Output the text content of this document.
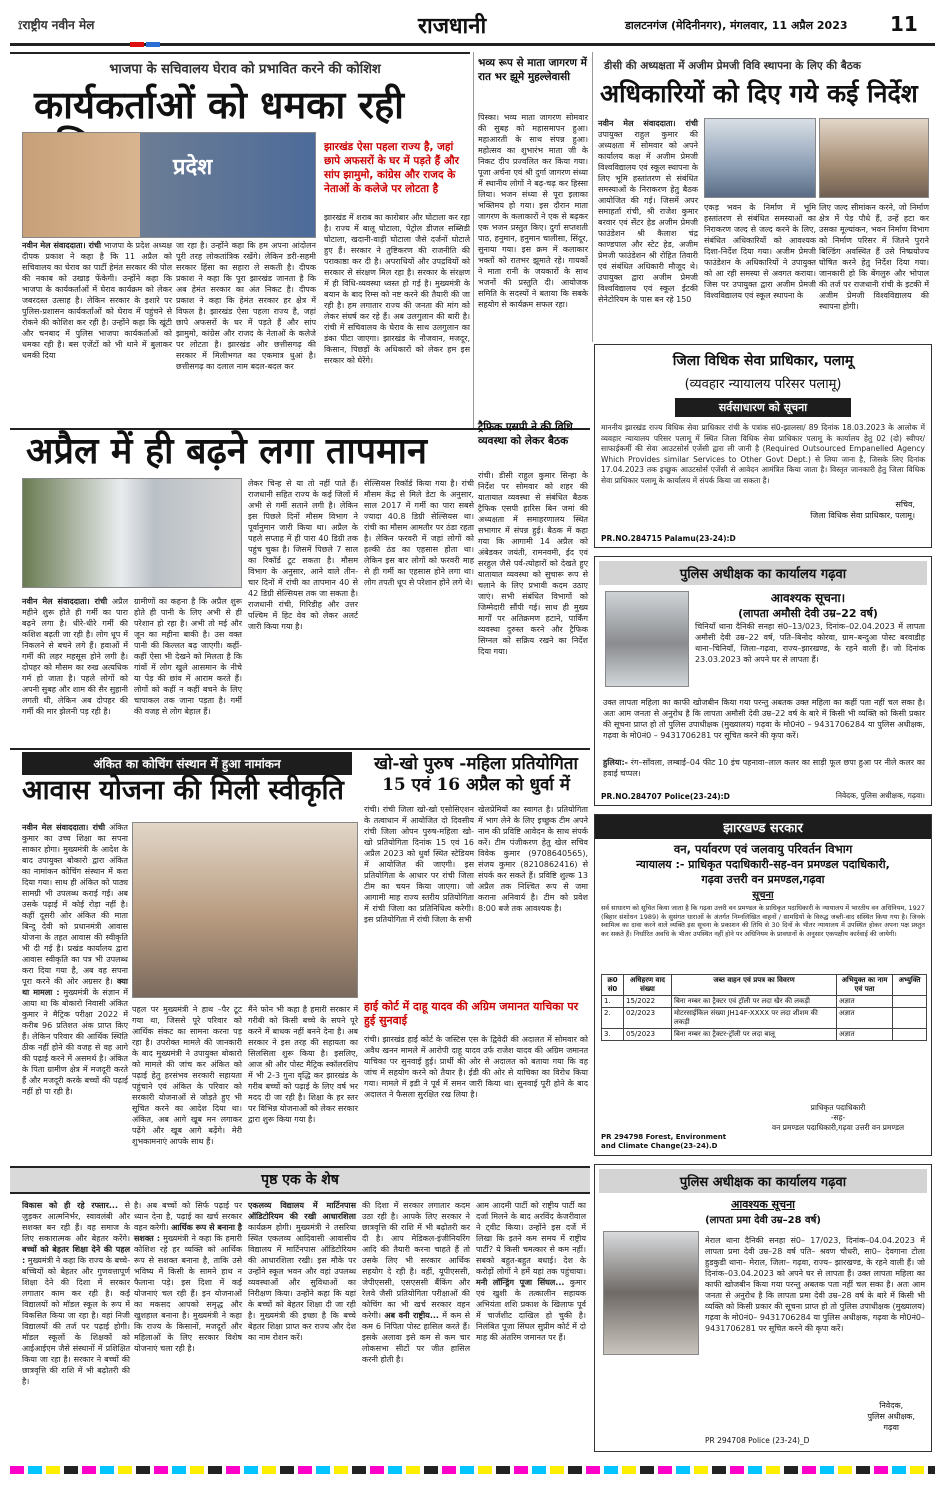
⟟राष्ट्रीय नवीन मेल	राजधानी	डालटनगंज (मेदिनीनगर), मंगलवार, 11 अप्रैल 2023 11
भाजपा के सचिवालय घेराव को प्रभावित करने की कोशिश
कार्यकर्ताओं को धमका रही
प्रदेश
झारखंड ऐसा पहला राज्य है, जहां छापे अफसरों के घर में पड़ते हैं और सांप झामुमो, कांग्रेस और राजद के नेताओं के कलेजे पर लोटता है
नवीन मेल संवाददाता। रांची भाजपा के प्रदेश अध्यक्ष दीपक प्रकाश ने कहा है कि 11 अप्रैल को सचिवालय का घेराव का पार्टी हेमंत सरकार की पोल की नकाब को उखाड़ फेंकेगी। उन्होंने कहा कि भाजपा के कार्यकर्ताओं में घेराव कार्यक्रम को लेकर जबरदस्त उत्साह है। लेकिन सरकार के इशारे पर पुलिस-प्रशासन कार्यकर्ताओं को घेराव में पहुंचने से रोकने की कोशिश कर रही है। उन्होंने कहा कि खूंटी और चनबाद में पुलिस भाजपा कार्यकर्ताओं को धमका रही है। बस एजेंटों को भी थाने में बुलाकर धमकी दिया
जा रहा है। उन्होंने कहा कि हम अपना आंदोलन पूरी तरह लोकतांत्रिक रखेंगे। लेकिन डरी-सहमी सरकार हिंसा का सहारा ले सकती है। दीपक प्रकाश ने कहा कि पूरा झारखंड जानता है कि अब हेमंत सरकार का अंत निकट है। दीपक प्रकाश ने कहा कि हेमंत सरकार हर क्षेत्र में विफल है। झारखंड ऐसा पहला राज्य है, जहां छापे अफसरों के घर में पड़ते हैं और सांप झामुमो, कांग्रेस और राजद के नेताओं के कलेजे पर लोटता है। झारखंड और छत्तीसगढ़ की सरकार में मिलीभगत का एकमात्र धुआं है। छत्तीसगढ़ का दलाल नाम बदल-बदल कर
झारखंड में शराब का कारोबार और घोटाला कर रहा है। राज्य में बालू घोटाला, पेट्रोल डीजल सब्सिडी घोटाला, खदानी-वाड़ी घोटाला जैसे दर्जनों घोटाले हुए हैं। सरकार ने तुष्टिकरण की राजनीति की पराकाष्ठा कर दी है। अपराधियों और उपद्रवियों को सरकार से संरक्षण मिल रहा है। सरकार के संरक्षण में ही विधि-व्यवस्था ध्वस्त हो गई है। मुख्यमंत्री के बयान के बाद रिम्स को नष्ट करने की तैयारी की जा रही है। हम लगातार राज्य की जनता की मांग को लेकर संघर्ष कर रहे हैं। अब उलगुलान की बारी है। रांची में सचिवालय के घेराव के साथ उलगुलान का डंका पीटा जाएगा। झारखंड के नौजवान, मजदूर, किसान, पिछड़ों के अधिकारों को लेकर हम इस सरकार को घेरेंगे।
भव्य रूप से माता जागरण में रात भर झूमे मुहल्लेवासी
पिस्का। भव्य माता जागरण सोमवार की सुबह को महासमापन हुआ। महाआरती के साथ संपन्न हुआ। महोत्सव का शुभारंभ माता जी के निकट दीप प्रज्वलित कर किया गया। पूजा अर्चना एवं श्री दुर्गा जागरण संध्या में स्थानीय लोगों ने बढ़-चढ़ कर हिस्सा लिया। भजन संध्या से पूरा इलाका भक्तिमय हो गया। इस दौरान माता जागरण के कलाकारों ने एक से बढ़कर एक भजन प्रस्तुत किए। दुर्गा सप्तशती पाठ, हनुमान, हनुमान चालीसा, सिंदूर, सुनाया गया। इस क्रम में कलाकार भक्तों को रातभर झूमाते रहे। गायकों ने माता रानी के जयकारों के साथ भजनों की प्रस्तुति दी। आयोजक समिति के सदस्यों ने बताया कि सबके सहयोग से कार्यक्रम सफल रहा।
डीसी की अध्यक्षता में अजीम प्रेमजी विवि स्थापना के लिए की बैठक
अधिकारियों को दिए गये कई निर्देश
नवीन मेल संवाददाता। रांची उपायुक्त राहुल कुमार की अध्यक्षता में सोमवार को अपने कार्यालय कक्ष में अजीम प्रेमजी विश्वविद्यालय एवं स्कूल स्थापना के लिए भूमि हस्तांतरण से संबंधित समस्याओं के निराकरण हेतु बैठक आयोजित की गई। जिसमें अपर समाहर्ता रांची, श्री राजेश कुमार बरवार एवं सेंटर हेड अजीम प्रेमजी फाउंडेशन श्री कैलाश चंद्र काण्डपाल और स्टेट हेड, अजीम प्रेमजी फाउंडेशन श्री रोहित तिवारी एवं संबंधित अधिकारी मौजूद थे। उपायुक्त द्वारा अजीम प्रेमजी विश्वविद्यालय एवं स्कूल ईटकी सेनेटोरियम के पास बन रहे 150
एकड़ भवन के निर्माण में भूमि हस्तांतरण से संबंधित समस्याओं का निराकरण जल्द से जल्द करने के लिए, संबंधित अधिकारियों को आवश्यक दिशा-निर्देश दिया गया। अजीम प्रेमजी फाउंडेशन के अधिकारियों ने उपायुक्त को आ रही समस्या से अवगत कराया। जिस पर उपायुक्त द्वारा अजीम प्रेमजी विश्वविद्यालय एवं स्कूल स्थापना के
लिए जल्द सीमांकन करने, जो निर्माण क्षेत्र में पेड़ पौधे हैं, उन्हें हटा कर उसका मूल्यांकन, भवन निर्माण विभाग को निर्माण परिसर में जितने पुराने बिल्डिंग अवस्थित हैं उसे निष्प्रयोज्य घोषित करने हेतु निर्देश दिया गया। जानकारी हो कि बेंगलुरु और भोपाल की तर्ज पर राजधानी रांची के इटकी में अजीम प्रेमजी विश्वविद्यालय की स्थापना होगी।
जिला विधिक सेवा प्राधिकार, पलामू
(व्यवहार न्यायालय परिसर पलामू)
सर्वसाधारण को सूचना
माननीय झारखंड राज्य विधिक सेवा प्राधिकार रांची के पत्रांक सं0-झालसा/ 89 दिनांक 18.03.2023 के आलोक में व्यवहार न्यायालय परिसर पलामू में स्थित जिला विधिक सेवा प्राधिकार पलामू के कार्यालय हेतु 02 (दो) स्वीपर/साफाईकर्मी की सेवा आउटसोर्स एजेंसी द्वारा ली जानी है (Required Outsourced Empanelled Agency Which Provides similar Services to Other Govt Dept.) से लिया जाना है, जिसके लिए दिनांक 17.04.2023 तक इच्छुक आउटसोर्स एजेंसी से आवेदन आमंत्रित किया जाता है। विस्तृत जानकारी हेतु जिला विधिक सेवा प्राधिकार पलामू के कार्यालय में संपर्क किया जा सकता है।
सचिव,
जिला विधिक सेवा प्राधिकार, पलामू।
PR.NO.284715 Palamu(23-24):D
अप्रैल में ही बढ़ने लगा तापमान
नवीन मेल संवाददाता। रांची अप्रैल महीने शुरू होते ही गर्मी का पारा बढ़ने लगा है। धीरे-धीरे गर्मी की कशिश बढ़ती जा रही है। लोग धूप में निकलने से बचने लगे हैं। हवाओं में गर्मी की लहर महसूस होने लगी है। दोपहर को मौसम का रुख अत्यधिक गर्म हो जाता है। पहले लोगों को अपनी सुबह और शाम की सैर सुहानी लगती थी, लेकिन अब दोपहर की गर्मी की मार झेलनी पड़ रही है।
ग्रामीणों का कहना है कि अप्रैल शुरू होते ही पानी के लिए अभी से ही परेशान हो रहा है। अभी तो मई और जून का महीना बाकी है। उस वक्त पानी की किल्लत बढ़ जाएगी। कहीं-कहीं ऐसा भी देखने को मिलता है कि गांवों में लोग खुले आसमान के नीचे या पेड़ की छांव में आराम करते हैं। लोगों को कहीं न कहीं बचने के लिए चापाकल तक जाना पड़ता है। गर्मी की वजह से लोग बेहाल हैं।
लेकर चिन्ह से या तो नहीं पाते हैं। राजधानी सहित राज्य के कई जिलों में अभी से गर्मी सताने लगी है। लेकिन इस पिछले दिनों मौसम विभाग ने पूर्वानुमान जारी किया था। अप्रैल के पहले सप्ताह में ही पारा 40 डिग्री तक पहुंच चुका है। जिसमें पिछले 7 साल का रिकॉर्ड टूट सकता है। मौसम विभाग के अनुसार, आने वाले तीन-चार दिनों में रांची का तापमान 40 से 42 डिग्री सेल्सियस तक जा सकता है। राजधानी रांची, गिरिडीह और उत्तर पश्चिम में हिट वेव को लेकर अलर्ट जारी किया गया है।
सेल्सियस रिकॉर्ड किया गया है। रांची मौसम केंद्र से मिले डेटा के अनुसार, साल 2017 में गर्मी का पारा सबसे ज्यादा 40.8 डिग्री सेल्सियस था। रांची का मौसम आमतौर पर ठंडा रहता है। लेकिन फरवरी में जहां लोगों को हल्की ठंड का एहसास होता था। लेकिन इस बार लोगों को फरवरी माह से ही गर्मी का एहसास होने लगा था। लोग तपती धूप से परेशान होने लगे थे।
ट्रैफिक एसपी ने की विधि व्यवस्था को लेकर बैठक
रांची। डीसी राहुल कुमार सिन्हा के निर्देश पर सोमवार को शहर की यातायात व्यवस्था से संबंधित बैठक ट्रैफिक एसपी हारिस बिन जमां की अध्यक्षता में समाहरणालय स्थित सभागार में संपन्न हुई। बैठक में कहा गया कि आगामी 14 अप्रैल को अंबेडकर जयंती, रामनवमी, ईद एवं सरहुल जैसे पर्व-त्योहारों को देखते हुए यातायात व्यवस्था को सुचारू रूप से चलाने के लिए प्रभावी कदम उठाए जाएं। सभी संबंधित विभागों को जिम्मेदारी सौंपी गई। साथ ही मुख्य मार्गों पर अतिक्रमण हटाने, पार्किंग व्यवस्था दुरुस्त करने और ट्रैफिक सिग्नल को सक्रिय रखने का निर्देश दिया गया।
पुलिस अधीक्षक का कार्यालय गढ़वा
आवश्यक सूचना।
(लापता अमौसी देवी उम्र–22 वर्ष)
चिनियाँ थाना दैनिकी सनहा सं0–13/023, दिनांक–02.04.2023 में लापता अमौसी देवी उम्र–22 वर्ष, पति–बिनोद कोरवा, ग्राम–बन्दुआ पोस्ट बरवाडीह थाना–चिनियाँ, जिला–गढ़वा, राज्य–झारखण्ड, के रहने वाली हैं। जो दिनांक 23.03.2023 को अपने घर से लापता हैं।
उक्त लापता महिला का काफी खोजबीन किया गया परन्तु अबतक उक्त महिला का कहीं पता नहीं चल सका है। अतः आम जनता से अनुरोध है कि लापता अमौसी देवी उम्र–22 वर्ष के बारे में किसी भी व्यक्ति को किसी प्रकार की सूचना प्राप्त हो तो पुलिस उपाधीक्षक (मुख्यालय) गढ़वा के मो0नं0 – 9431706284 या पुलिस अधीक्षक, गढ़वा के मो0नं0 – 9431706281 पर सूचित करने की कृपा करें।
हुलिया:- रंग–साँवला, लम्बाई–04 फीट 10 इंच पहनावा–लाल कलर का साड़ी फूल छपा हुआ पर नीले कलर का हवाई चप्पल।
PR.NO.284707 Police(23-24):D	निवेदक, पुलिस अधीक्षक, गढ़वा।
अंकित का कोचिंग संस्थान में हुआ नामांकन
आवास योजना की मिली स्वीकृति
नवीन मेल संवाददाता। रांची अंकित कुमार का उच्च शिक्षा का सपना साकार होगा। मुख्यमंत्री के आदेश के बाद उपायुक्त बोकारो द्वारा अंकित का नामांकन कोचिंग संस्थान में करा दिया गया। साथ ही अंकित को पाठ्य सामग्री भी उपलब्ध कराई गई। अब उसके पढ़ाई में कोई रोड़ा नहीं है। कहीं दूसरी ओर अंकित की माता बिन्दु देवी को प्रधानमंत्री आवास योजना के तहत आवास की स्वीकृति भी दी गई है। प्रखंड कार्यालय द्वारा आवास स्वीकृति का पत्र भी उपलब्ध करा दिया गया है, अब वह सपना पूरा करने की ओर अग्रसर है। क्या था मामला : मुख्यमंत्री के संज्ञान में आया था कि बोकारो निवासी अंकित कुमार ने मैट्रिक परीक्षा 2022 में करीब 96 प्रतिशत अंक प्राप्त किए हैं। लेकिन परिवार की आर्थिक स्थिति ठीक नहीं होने की वजह से वह आगे की पढ़ाई करने में असमर्थ है। अंकित के पिता ग्रामीण क्षेत्र में मजदूरी करते हैं और मजदूरी करके बच्चों की पढ़ाई नहीं हो पा रही है।
पहल पर मुख्यमंत्री ने हाथ –पैर टूट गया था, जिससे पूरे परिवार को आर्थिक संकट का सामना करना पड़ रहा है। उपरोक्त मामले की जानकारी के बाद मुख्यमंत्री ने उपायुक्त बोकारो को मामले की जांच कर अंकित को पढ़ाई हेतु हरसंभव सरकारी सहायता पहुंचाने एवं अंकित के परिवार को सरकारी योजनाओं से जोड़ते हुए भी सूचित करने का आदेश दिया था। अंकित, अब आगे खूब मन लगाकर पढ़ेंगे और खूब आगे बढ़ेंगे। मेरी शुभकामनाएं आपके साथ हैं।
मैंने फोन भी कहा है हमारी सरकार में गरीबी को किसी बच्चे के सपने पूरे करने में बाधक नहीं बनने देना है। अब सरकार ने इस तरह की सहायता का सिलसिला शुरू किया है। इसलिए, आज श्री और पोस्ट मैट्रिक स्कॉलरशिप में भी 2-3 गुना वृद्धि कर झारखंड के गरीब बच्चों को पढ़ाई के लिए वर्ष भर मदद दी जा रही है। शिक्षा के हर स्तर पर विभिन्न योजनाओं को लेकर सरकार द्वारा शुरू किया गया है।
खो-खो पुरुष -महिला प्रतियोगिता 15 एवं 16 अप्रैल को धुर्वा में
रांची। रांची जिला खो-खो एसोसिएशन के तत्वाधान में आयोजित दो दिवसीय रांची जिला ओपन पुरुष-महिला खो-खो प्रतियोगिता दिनांक 15 एवं 16 अप्रैल 2023 को धुर्वा स्थित स्टेडियम में आयोजित की जाएगी। इस प्रतियोगिता के आधार पर रांची जिला टीम का चयन किया जाएगा। जो आगामी माह राज्य स्तरीय प्रतियोगिता में रांची जिला का प्रतिनिधित्व करेगी। इस प्रतियोगिता में रांची जिला के सभी
खेलप्रेमियों का स्वागत है। प्रतियोगिता में भाग लेने के लिए इच्छुक टीम अपने नाम की प्रविष्टि आवेदन के साथ संपर्क करें। टीम पंजीकरण हेतु खेल सचिव विवेक कुमार (9708640565), संजय कुमार (8210862416) से संपर्क कर सकते हैं। प्रविष्टि शुल्क 13 अप्रैल तक निश्चित रूप से जमा कराना अनिवार्य है। टीम को प्रवेश 8:00 बजे तक आवश्यक है।
हाई कोर्ट में दाहू यादव की अग्रिम जमानत याचिका पर हुई सुनवाई
रांची। झारखंड हाई कोर्ट के जस्टिस एस के द्विवेदी की अदालत में सोमवार को अवैध खनन मामले में आरोपी दाहू यादव उर्फ राजेश यादव की अग्रिम जमानत याचिका पर सुनवाई हुई। प्रार्थी की ओर से अदालत को बताया गया कि वह जांच में सहयोग करने को तैयार है। ईडी की ओर से याचिका का विरोध किया गया। मामले में इडी ने पूर्व में समन जारी किया था। सुनवाई पूरी होने के बाद अदालत ने फैसला सुरक्षित रख लिया है।
झारखण्ड सरकार
वन, पर्यावरण एवं जलवायु परिवर्तन विभाग
न्यायालय :- प्राधिकृत पदाधिकारी-सह-वन प्रमण्डल पदाधिकारी,
गढ़वा उत्तरी वन प्रमण्डल,गढ़वा
सूचना
सर्व साधारण को सूचित किया जाता है कि गढ़वा उत्तरी वन प्रमण्डल के प्राधिकृत पदाधिकारी के न्यायालय में भारतीय वन अधिनियम, 1927 (बिहार संशोधन 1989) के सुसंगत धाराओं के अंतर्गत निम्नलिखित वाहनों / सामग्रियों के विरुद्ध जब्ती-वाद संस्थित किया गया है। जिनके स्वामित्व का दावा करने वाले व्यक्ति इस सूचना के प्रकाशन की तिथि से 30 दिनों के भीतर न्यायालय में उपस्थित होकर अपना पक्ष प्रस्तुत कर सकते हैं। निर्धारित अवधि के भीतर उपस्थित नहीं होने पर अधिनियम के प्रावधानों के अनुसार एकपक्षीय कार्रवाई की जायेगी।
क्र0 सं0	अधिहरण वाद संख्या	जब्त वाहन एवं प्रपत्र का विवरण	अभियुक्त का नाम एवं पता	अभ्युक्ति
1.	15/2022	बिना नम्बर का ट्रैक्टर एवं ट्रॉली पर लदा खैर की लकड़ी	अज्ञात	
2.	02/2023	मोटरसाईकिल संख्या JH14F-XXXX पर लदा शीशम की लकड़ी	अज्ञात	
3.	05/2023	बिना नम्बर का ट्रैक्टर-ट्रॉली पर लदा बालू	अज्ञात	
प्राधिकृत पदाधिकारी
-सह-
वन प्रमण्डल पदाधिकारी,गढ़वा उत्तरी वन प्रमण्डल
PR 294798 Forest, Environment and Climate Change(23-24).D
पृष्ठ एक के शेष
विकास को ही रहे रफ्तार... से जुड़कर आत्मनिर्भर, स्वावलंबी और सशक्त बन रही हैं। वह समाज के लिए सकारात्मक और बेहतर करेंगे। बच्चों को बेहतर शिक्षा देने की पहल : मुख्यमंत्री ने कहा कि राज्य के बच्चे-बच्चियों को बेहतर और गुणवत्तापूर्ण शिक्षा देने की दिशा में सरकार लगातार काम कर रही है। कई विद्यालयों को मॉडल स्कूल के रूप में विकसित किया जा रहा है। वहां निजी विद्यालयों की तर्ज पर पढ़ाई होगी। मॉडल स्कूलों के शिक्षकों को आईआईएम जैसे संस्थानों में प्रशिक्षित किया जा रहा है। सरकार ने बच्चों की छात्रवृत्ति की राशि में भी बढ़ोतरी की है।
है। अब बच्चों को सिर्फ पढ़ाई पर ध्यान देना है, पढ़ाई का खर्च सरकार वहन करेगी। आर्थिक रूप से बनाना है सशक्त : मुख्यमंत्री ने कहा कि हमारी कोशिश रहे हर व्यक्ति को आर्थिक रूप से सशक्त बनाना है, ताकि उसे भविष्य में किसी के सामने हाथ न फैलाना पड़े। इस दिशा में कई योजनाएं चल रही हैं। इन योजनाओं का मकसद आपको समृद्ध और खुशहाल बनाना है। मुख्यमंत्री ने कहा कि राज्य के किसानों, मजदूरों और महिलाओं के लिए सरकार विशेष योजनाएं चला रही है।
एकलव्य विद्यालय में मार्टिनपास ऑडिटोरियम की रखी आधारशिला कार्यक्रम होगी। मुख्यमंत्री ने तसरिया स्थित एकलव्य आदिवासी आवासीय विद्यालय में मार्टिनपास ऑडिटोरियम की आधारशिला रखी। इस मौके पर उन्होंने स्कूल भवन और वहां उपलब्ध व्यवस्थाओं और सुविधाओं का निरीक्षण किया। उन्होंने कहा कि यहां के बच्चों को बेहतर शिक्षा दी जा रही है। मुख्यमंत्री की इच्छा है कि बच्चे बेहतर शिक्षा प्राप्त कर राज्य और देश का नाम रोशन करें।
की दिशा में सरकार लगातार कदम उठा रही है। आपके लिए सरकार ने छात्रवृत्ति की राशि में भी बढ़ोतरी कर दी है। आप मेडिकल-इंजीनियरिंग आदि की तैयारी करना चाहते हैं तो उसके लिए भी सरकार आर्थिक सहयोग दे रही है। वहीं, यूपीएससी, जेपीएससी, एसएससी बैंकिंग और रेलवे जैसी प्रतियोगिता परीक्षाओं की कोचिंग का भी खर्च सरकार वहन करेगी। अब वनी राष्ट्रीय... में कम से कम 6 निपिता पोस्ट हासिल करते हैं। इसके अलावा इसे कम से कम चार लोकसभा सीटों पर जीत हासिल करनी होती है।
आम आदमी पार्टी को राष्ट्रीय पार्टी का दर्जा मिलने के बाद अरविंद केजरीवाल ने ट्वीट किया। उन्होंने इस दर्जे में लिखा कि इतने कम समय में राष्ट्रीय पार्टी? ये किसी चमत्कार से कम नहीं। सबको बहुत-बहुत बधाई। देश के करोड़ों लोगों ने हमें यहां तक पहुंचाया। मनी लॉन्ड्रिंग पूजा सिंघल... कुमार एवं खुशी के तत्कालीन सहायक अभियंता शशि प्रकाश के खिलाफ पूर्व में चार्जशीट दाखिल हो चुकी है। निलंबित पूजा सिंघल सुप्रीम कोर्ट में दो माह की अंतरिम जमानत पर हैं।
पुलिस अधीक्षक का कार्यालय गढ़वा
आवश्यक सूचना
(लापता प्रमा देवी उम्र–28 वर्ष)
मेराल थाना दैनिकी सनहा सं0– 17/023, दिनांक–04.04.2023 में लापता प्रमा देवी उम्र–28 वर्ष पति– श्रवण चौधरी, सा0– देवगाना टोला हुडकुडी थाना– मेराल, जिला– गढ़वा, राज्य– झारखण्ड, के रहने वाली हैं। जो दिनांक–03.04.2023 को अपने घर से लापता हैं। उक्त लापता महिला का काफी खोजबीन किया गया परन्तु अबतक पता नहीं चल सका है। अतः आम जनता से अनुरोध है कि लापता प्रमा देवी उम्र–28 वर्ष के बारे में किसी भी व्यक्ति को किसी प्रकार की सूचना प्राप्त हो तो पुलिस उपाधीक्षक (मुख्यालय) गढ़वा के मो0नं0– 9431706284 या पुलिस अधीक्षक, गढ़वा के मो0नं0– 9431706281 पर सूचित करने की कृपा करें।
निवेदक,
पुलिस अधीक्षक,
गढ़वा
PR 294708 Police (23-24)_D
